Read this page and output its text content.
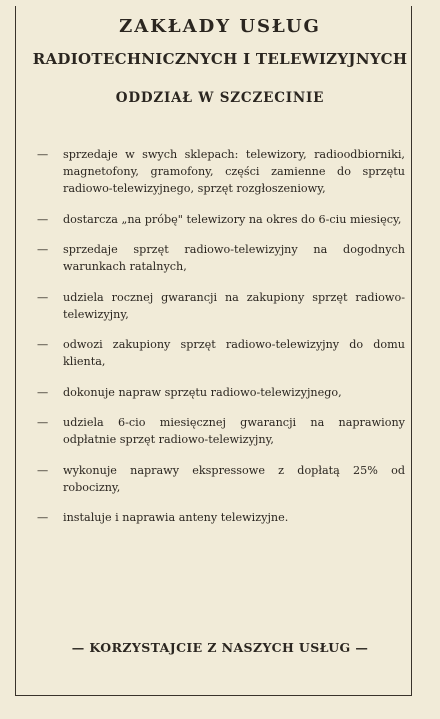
ZAKŁADY USŁUG
RADIOTECHNICZNYCH I TELEWIZYJNYCH
ODDZIAŁ W SZCZECINIE
— sprzedaje w swych sklepach: telewizory, radioodbiorniki, magnetofony, gramofony, części zamienne do sprzętu radiowo-telewizyjnego, sprzęt rozgłoszeniowy,
— dostarcza „na próbę" telewizory na okres do 6-ciu miesięcy,
— sprzedaje sprzęt radiowo-telewizyjny na dogodnych warunkach ratalnych,
— udziela rocznej gwarancji na zakupiony sprzęt radiowo-telewizyjny,
— odwozi zakupiony sprzęt radiowo-telewizyjny do domu klienta,
— dokonuje napraw sprzętu radiowo-telewizyjnego,
— udziela 6-cio miesięcznej gwarancji na naprawiony odpłatnie sprzęt radiowo-telewizyjny,
— wykonuje naprawy ekspressowe z dopłatą 25% od robocizny,
— instaluje i naprawia anteny telewizyjne.
— KORZYSTAJCIE Z NASZYCH USŁUG —
